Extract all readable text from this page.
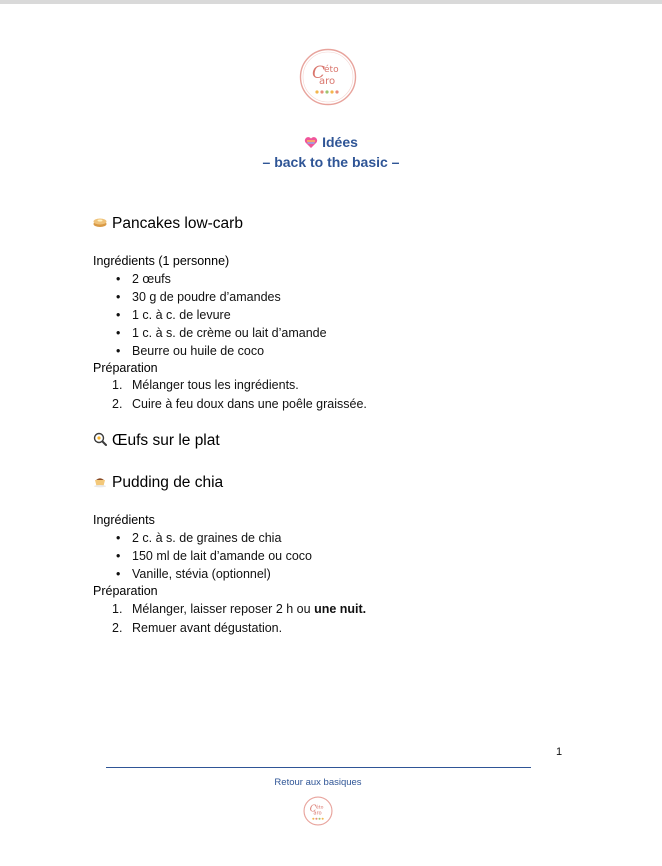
C
éto
aro
Idées
– back to the basic –
Pancakes low-carb
Ingrédients (1 personne)
• 2 œufs
• 30 g de poudre d’amandes
• 1 c. à c. de levure
• 1 c. à s. de crème ou lait d’amande
• Beurre ou huile de coco
Préparation
1. Mélanger tous les ingrédients.
2. Cuire à feu doux dans une poêle graissée.
Œufs sur le plat
Pudding de chia
Ingrédients
• 2 c. à s. de graines de chia
• 150 ml de lait d’amande ou coco
• Vanille, stévia (optionnel)
Préparation
1. Mélanger, laisser reposer 2 h ou une nuit.
2. Remuer avant dégustation.
1
Retour aux basiques
C éto
aro
